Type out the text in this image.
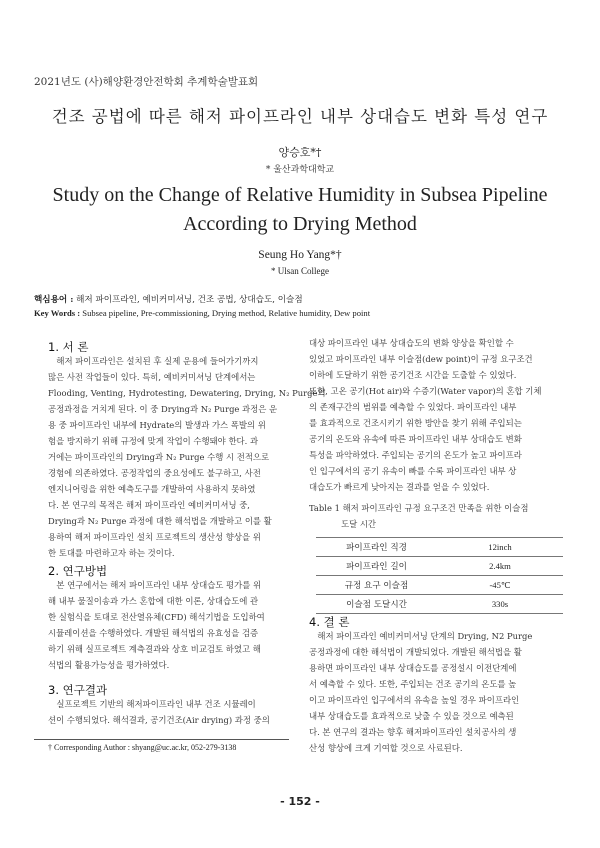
2021년도 (사)해양환경안전학회 추계학술발표회
건조 공법에 따른 해저 파이프라인 내부 상대습도 변화 특성 연구
양승호*†
* 울산과학대학교
Study on the Change of Relative Humidity in Subsea Pipeline
According to Drying Method
Seung Ho Yang*†
* Ulsan College
핵심용어 : 해저 파이프라인, 예비커미셔닝, 건조 공법, 상대습도, 이슬점
Key Words : Subsea pipeline, Pre-commissioning, Drying method, Relative humidity, Dew point
1. 서 론
　해저 파이프라인은 설치된 후 실제 운용에 들어가기까지
많은 사전 작업들이 있다. 특히, 예비커미셔닝 단계에서는
Flooding, Venting, Hydrotesting, Dewatering, Drying, N₂ Purge의
공정과정을 거치게 된다. 이 중 Drying과 N₂ Purge 과정은 운
용 중 파이프라인 내부에 Hydrate의 발생과 가스 폭발의 위
험을 방지하기 위해 규정에 맞게 작업이 수행돼야 한다. 과
거에는 파이프라인의 Drying과 N₂ Purge 수행 시 전적으로
경험에 의존하였다. 공정작업의 중요성에도 불구하고, 사전
엔지니어링을 위한 예측도구를 개발하여 사용하지 못하였
다. 본 연구의 목적은 해저 파이프라인 예비커미셔닝 중,
Drying과 N₂ Purge 과정에 대한 해석법을 개발하고 이를 활
용하여 해저 파이프라인 설치 프로젝트의 생산성 향상을 위
한 토대를 마련하고자 하는 것이다.
2. 연구방법
　본 연구에서는 해저 파이프라인 내부 상대습도 평가를 위
해 내부 물질이송과 가스 혼합에 대한 이론, 상대습도에 관
한 실험식을 토대로 전산열유체(CFD) 해석기법을 도입하여
시뮬레이션을 수행하였다. 개발된 해석법의 유효성을 검증
하기 위해 실프로젝트 계측결과와 상호 비교검토 하였고 해
석법의 활용가능성을 평가하였다.
3. 연구결과
　실프로젝트 기반의 해저파이프라인 내부 건조 시뮬레이
션이 수행되었다. 해석결과, 공기건조(Air drying) 과정 중의
† Corresponding Author : shyang@uc.ac.kr, 052-279-3138
대상 파이프라인 내부 상대습도의 변화 양상을 확인할 수
있었고 파이프라인 내부 이슬점(dew point)이 규정 요구조건
이하에 도달하기 위한 공기건조 시간을 도출할 수 있었다.
또한, 고온 공기(Hot air)와 수증기(Water vapor)의 혼합 기체
의 존재구간의 범위를 예측할 수 있었다. 파이프라인 내부
를 효과적으로 건조시키기 위한 방안을 찾기 위해 주입되는
공기의 온도와 유속에 따른 파이프라인 내부 상대습도 변화
특성을 파악하였다. 주입되는 공기의 온도가 높고 파이프라
인 입구에서의 공기 유속이 빠를 수록 파이프라인 내부 상
대습도가 빠르게 낮아지는 결과를 얻을 수 있었다.
Table 1 해저 파이프라인 규정 요구조건 만족을 위한 이슬점
도달 시간
파이프라인 직경	12inch
파이프라인 길이	2.4km
규정 요구 이슬점	-45℃
이슬점 도달시간	330s
4. 결 론
　해저 파이프라인 예비커미셔닝 단계의 Drying, N2 Purge
공정과정에 대한 해석법이 개발되었다. 개발된 해석법을 활
용하면 파이프라인 내부 상대습도를 공정설시 이전단계에
서 예측할 수 있다. 또한, 주입되는 건조 공기의 온도를 높
이고 파이프라인 입구에서의 유속을 높일 경우 파이프라인
내부 상대습도를 효과적으로 낮출 수 있을 것으로 예측된
다. 본 연구의 결과는 향후 해저파이프라인 설치공사의 생
산성 향상에 크게 기여할 것으로 사료된다.
- 152 -
